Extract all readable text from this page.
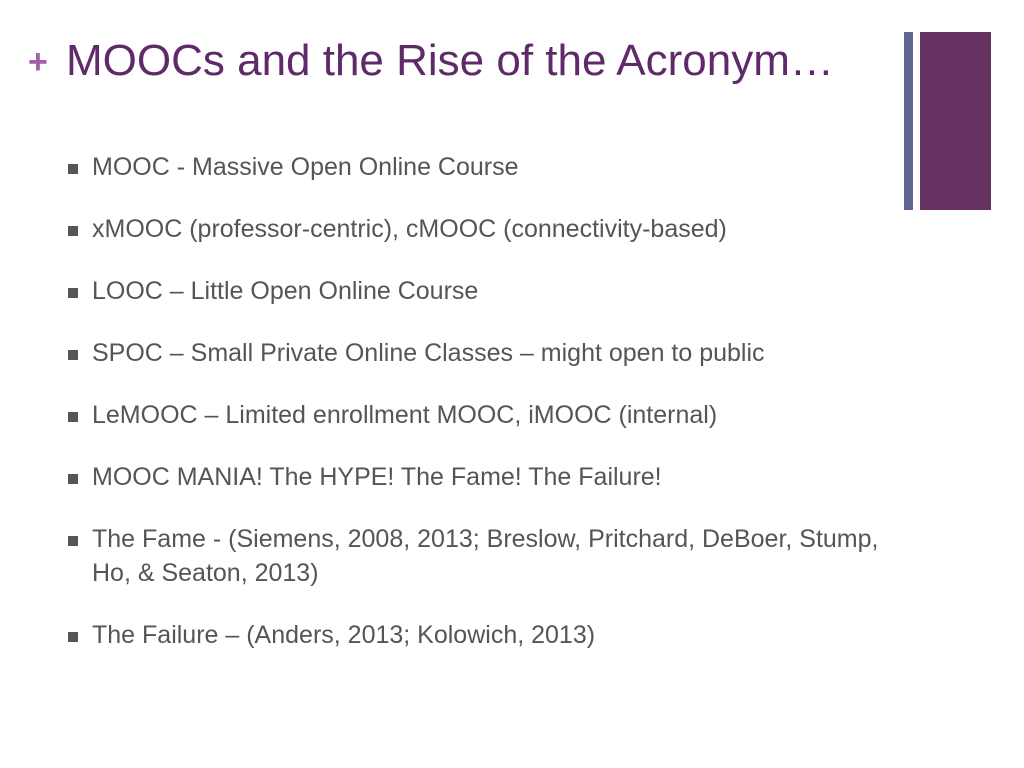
+ MOOCs and the Rise of the Acronym…
MOOC - Massive Open Online Course
xMOOC (professor-centric), cMOOC (connectivity-based)
LOOC – Little Open Online Course
SPOC – Small Private Online Classes – might open to public
LeMOOC – Limited enrollment MOOC, iMOOC (internal)
MOOC MANIA! The HYPE! The Fame! The Failure!
The Fame - (Siemens, 2008, 2013; Breslow, Pritchard, DeBoer, Stump, Ho, & Seaton, 2013)
The Failure – (Anders, 2013; Kolowich, 2013)
